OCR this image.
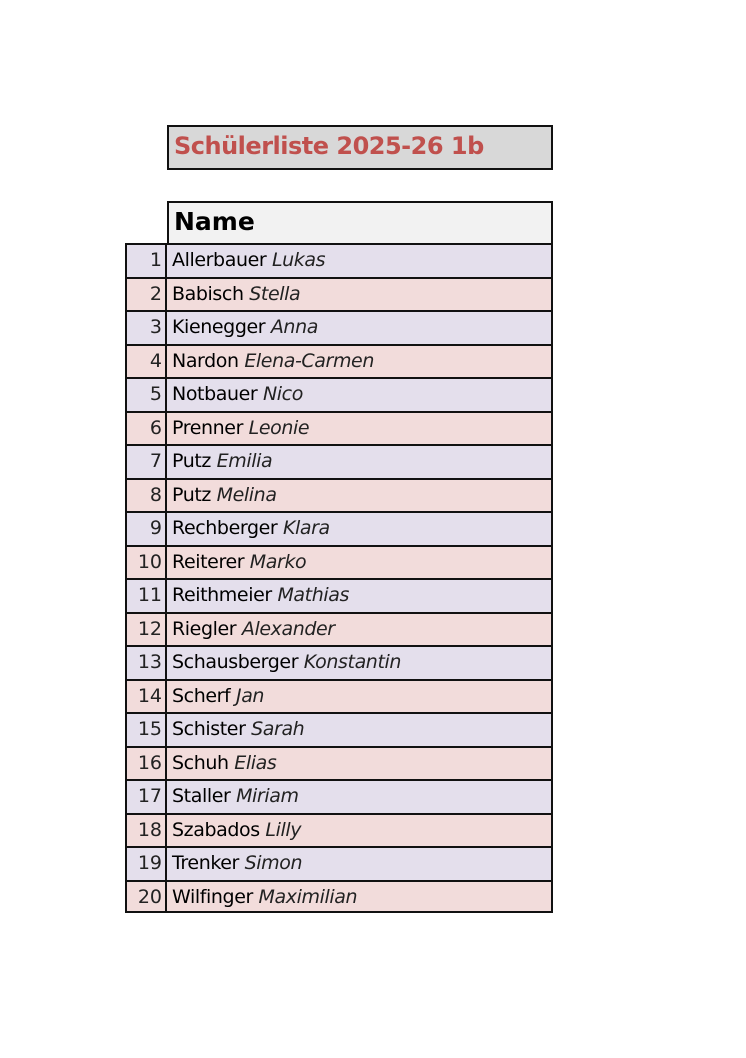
Schülerliste 2025-26 1b
Name
1 Allerbauer Lukas
2 Babisch Stella
3 Kienegger Anna
4 Nardon Elena-Carmen
5 Notbauer Nico
6 Prenner Leonie
7 Putz Emilia
8 Putz Melina
9 Rechberger Klara
10 Reiterer Marko
11 Reithmeier Mathias
12 Riegler Alexander
13 Schausberger Konstantin
14 Scherf Jan
15 Schister Sarah
16 Schuh Elias
17 Staller Miriam
18 Szabados Lilly
19 Trenker Simon
20 Wilfinger Maximilian
